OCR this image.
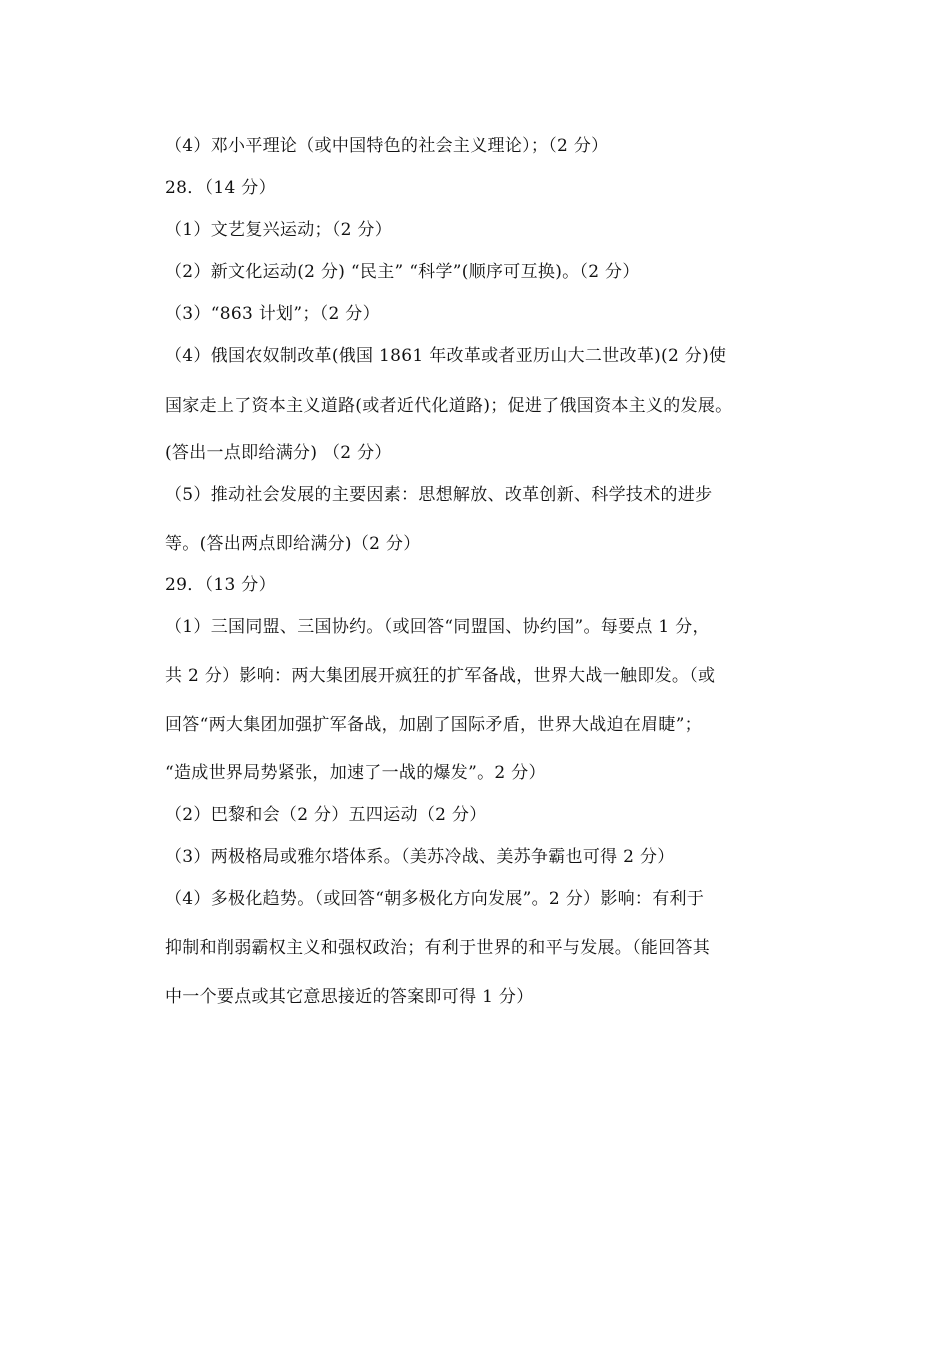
（4）邓小平理论（或中国特色的社会主义理论）；（2 分）
28．（14 分）
（1）文艺复兴运动；（2 分）
（2）新文化运动(2 分) “民主” “科学”(顺序可互换)。（2 分）
（3）“863 计划”；（2 分）
（4）俄国农奴制改革(俄国 1861 年改革或者亚历山大二世改革)(2 分)使
国家走上了资本主义道路(或者近代化道路)；促进了俄国资本主义的发展。
(答出一点即给满分) （2 分）
（5）推动社会发展的主要因素：思想解放、改革创新、科学技术的进步
等。(答出两点即给满分)（2 分）
29．（13 分）
（1）三国同盟、三国协约。（或回答“同盟国、协约国”。每要点 1 分，
共 2 分）影响：两大集团展开疯狂的扩军备战，世界大战一触即发。（或
回答“两大集团加强扩军备战，加剧了国际矛盾，世界大战迫在眉睫”；
“造成世界局势紧张，加速了一战的爆发”。2 分）
（2）巴黎和会（2 分）五四运动（2 分）
（3）两极格局或雅尔塔体系。（美苏冷战、美苏争霸也可得 2 分）
（4）多极化趋势。（或回答“朝多极化方向发展”。2 分）影响：有利于
抑制和削弱霸权主义和强权政治；有利于世界的和平与发展。（能回答其
中一个要点或其它意思接近的答案即可得 1 分）
